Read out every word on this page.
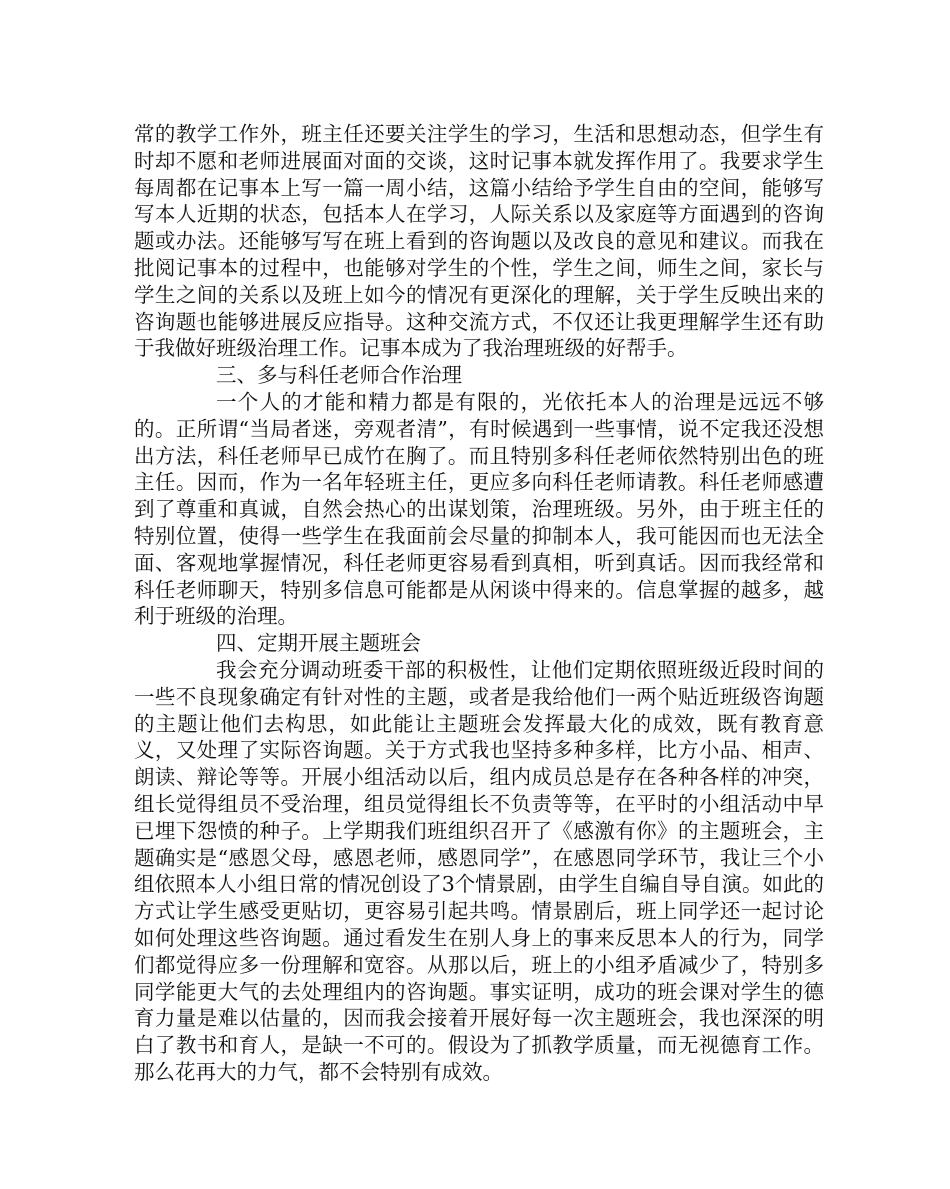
常的教学工作外，班主任还要关注学生的学习，生活和思想动态，但学生有时却不愿和老师进展面对面的交谈，这时记事本就发挥作用了。我要求学生每周都在记事本上写一篇一周小结，这篇小结给予学生自由的空间，能够写写本人近期的状态，包括本人在学习，人际关系以及家庭等方面遇到的咨询题或办法。还能够写写在班上看到的咨询题以及改良的意见和建议。而我在批阅记事本的过程中，也能够对学生的个性，学生之间，师生之间，家长与学生之间的关系以及班上如今的情况有更深化的理解，关于学生反映出来的咨询题也能够进展反应指导。这种交流方式，不仅还让我更理解学生还有助于我做好班级治理工作。记事本成为了我治理班级的好帮手。

三、多与科任老师合作治理

一个人的才能和精力都是有限的，光依托本人的治理是远远不够的。正所谓“当局者迷，旁观者清”，有时候遇到一些事情，说不定我还没想出方法，科任老师早已成竹在胸了。而且特别多科任老师依然特别出色的班主任。因而，作为一名年轻班主任，更应多向科任老师请教。科任老师感遭到了尊重和真诚，自然会热心的出谋划策，治理班级。另外，由于班主任的特别位置，使得一些学生在我面前会尽量的抑制本人，我可能因而也无法全面、客观地掌握情况，科任老师更容易看到真相，听到真话。因而我经常和科任老师聊天，特别多信息可能都是从闲谈中得来的。信息掌握的越多，越利于班级的治理。

四、定期开展主题班会

我会充分调动班委干部的积极性，让他们定期依照班级近段时间的一些不良现象确定有针对性的主题，或者是我给他们一两个贴近班级咨询题的主题让他们去构思，如此能让主题班会发挥最大化的成效，既有教育意义，又处理了实际咨询题。关于方式我也坚持多种多样，比方小品、相声、朗读、辩论等等。开展小组活动以后，组内成员总是存在各种各样的冲突，组长觉得组员不受治理，组员觉得组长不负责等等，在平时的小组活动中早已埋下怨愤的种子。上学期我们班组织召开了《感激有你》的主题班会，主题确实是“感恩父母，感恩老师，感恩同学”，在感恩同学环节，我让三个小组依照本人小组日常的情况创设了3个情景剧，由学生自编自导自演。如此的方式让学生感受更贴切，更容易引起共鸣。情景剧后，班上同学还一起讨论如何处理这些咨询题。通过看发生在别人身上的事来反思本人的行为，同学们都觉得应多一份理解和宽容。从那以后，班上的小组矛盾减少了，特别多同学能更大气的去处理组内的咨询题。事实证明，成功的班会课对学生的德育力量是难以估量的，因而我会接着开展好每一次主题班会，我也深深的明白了教书和育人，是缺一不可的。假设为了抓教学质量，而无视德育工作。那么花再大的力气，都不会特别有成效。
